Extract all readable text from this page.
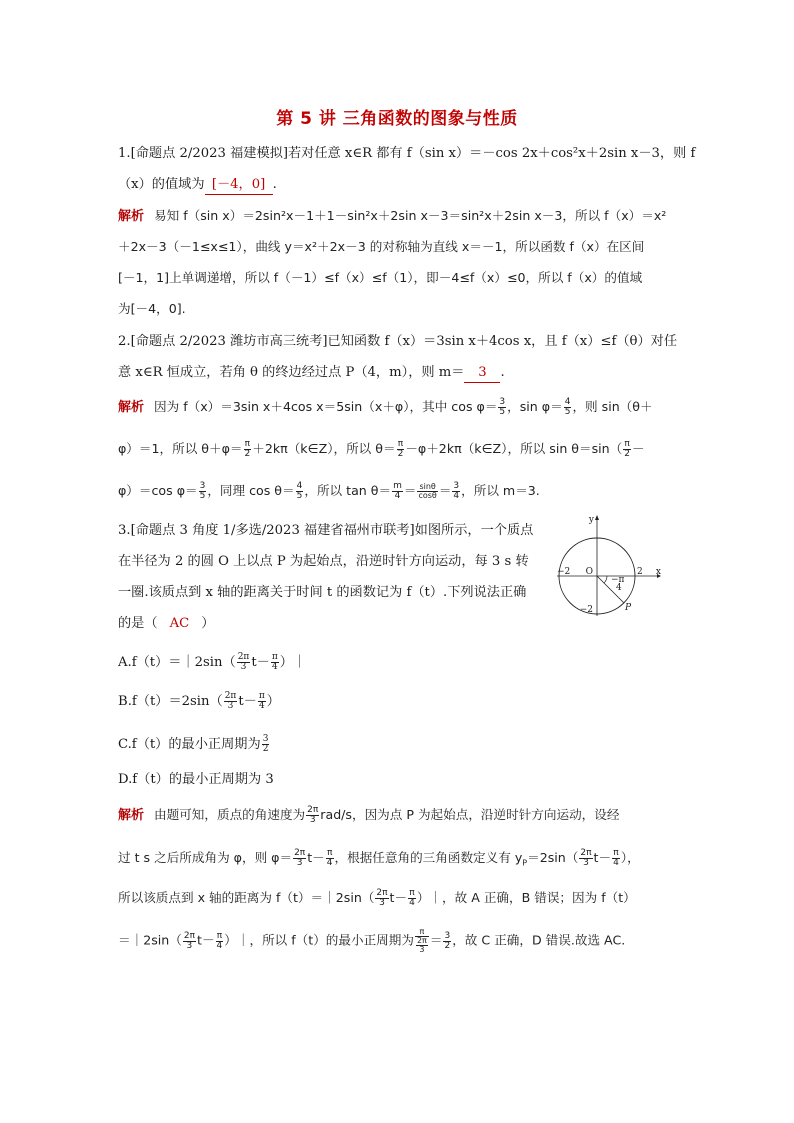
第 5 讲 三角函数的图象与性质
1.[命题点 2/2023 福建模拟]若对任意 x∈R 都有 f（sin x）＝－cos 2x＋cos²x＋2sin x－3，则 f
（x）的值域为 [－4，0] .
解析 易知 f（sin x）＝2sin²x－1＋1－sin²x＋2sin x－3＝sin²x＋2sin x－3，所以 f（x）＝x²
＋2x－3（－1≤x≤1），曲线 y＝x²＋2x－3 的对称轴为直线 x＝－1，所以函数 f（x）在区间
[－1，1]上单调递增，所以 f（－1）≤f（x）≤f（1），即－4≤f（x）≤0，所以 f（x）的值域
为[－4，0].
2.[命题点 2/2023 潍坊市高三统考]已知函数 f（x）＝3sin x＋4cos x，且 f（x）≤f（θ）对任
意 x∈R 恒成立，若角 θ 的终边经过点 P（4，m），则 m＝ 3 .
解析 因为 f（x）＝3sin x＋4cos x＝5sin（x＋φ），其中 $\cos \varphi= \frac{3}{5}$ ，$\sin \varphi= \frac{4}{5}$ ，则 sin（θ＋
φ）＝1，所以 $\theta+\varphi= \frac{\pi}{2}$ ＋2kπ（k∈Z），所以 $\theta= \frac{\pi}{2}$ －φ＋2kπ（k∈Z），所以 $\sin \theta=\sin( \frac{\pi}{2}$ －
φ）＝cos $\varphi= \frac{3}{5}$ ，同理 $\cos \theta= \frac{4}{5}$ ，所以 $\tan \theta= \frac{m}{4} = \frac{\sin\theta}{\cos\theta} = \frac{3}{4}$ ，所以 m＝3.
3.[命题点 3 角度 1/多选/2023 福建省福州市联考]如图所示，一个质点
在半径为 2 的圆 O 上以点 P 为起始点，沿逆时针方向运动，每 3 s 转
一圈.该质点到 x 轴的距离关于时间 t 的函数记为 f（t）.下列说法正确
的是（ AC ）
y
x
O
−2	2
−2
−π
4
P
A.f（t）＝｜2sin（ $\frac{2\pi}{3} t- \frac{\pi}{4}$ ）｜
$B.f(t)=2\sin( \frac{2\pi}{3} t- \frac{\pi}{4}$ ）
C.f（t）的最小正周期为 $\frac{3}{2}$
D.f（t）的最小正周期为 3
解析 由题可知，质点的角速度为 $\frac{2\pi}{3} rad/s$，因为点 P 为起始点，沿逆时针方向运动，设经
过 t s 之后所成角为 φ，则 $\varphi= \frac{2\pi}{3} t- \frac{\pi}{4}$ ，根据任意角的三角函数定义有 $y_P=2\sin( \frac{2\pi}{3} t- \frac{\pi}{4}$ ），
所以该质点到 x 轴的距离为 f（t）＝｜2sin（ $\frac{2\pi}{3} t- \frac{\pi}{4}$ ）｜，故 A 正确，B 错误；因为 f（t）
＝｜2sin（ $\frac{2\pi}{3} t- \frac{\pi}{4}$ ）｜，所以 f（t）的最小正周期为 $\frac{\pi}{\frac{2\pi}{3}} = \frac{3}{2}$ ，故 C 正确，D 错误.故选 AC.
